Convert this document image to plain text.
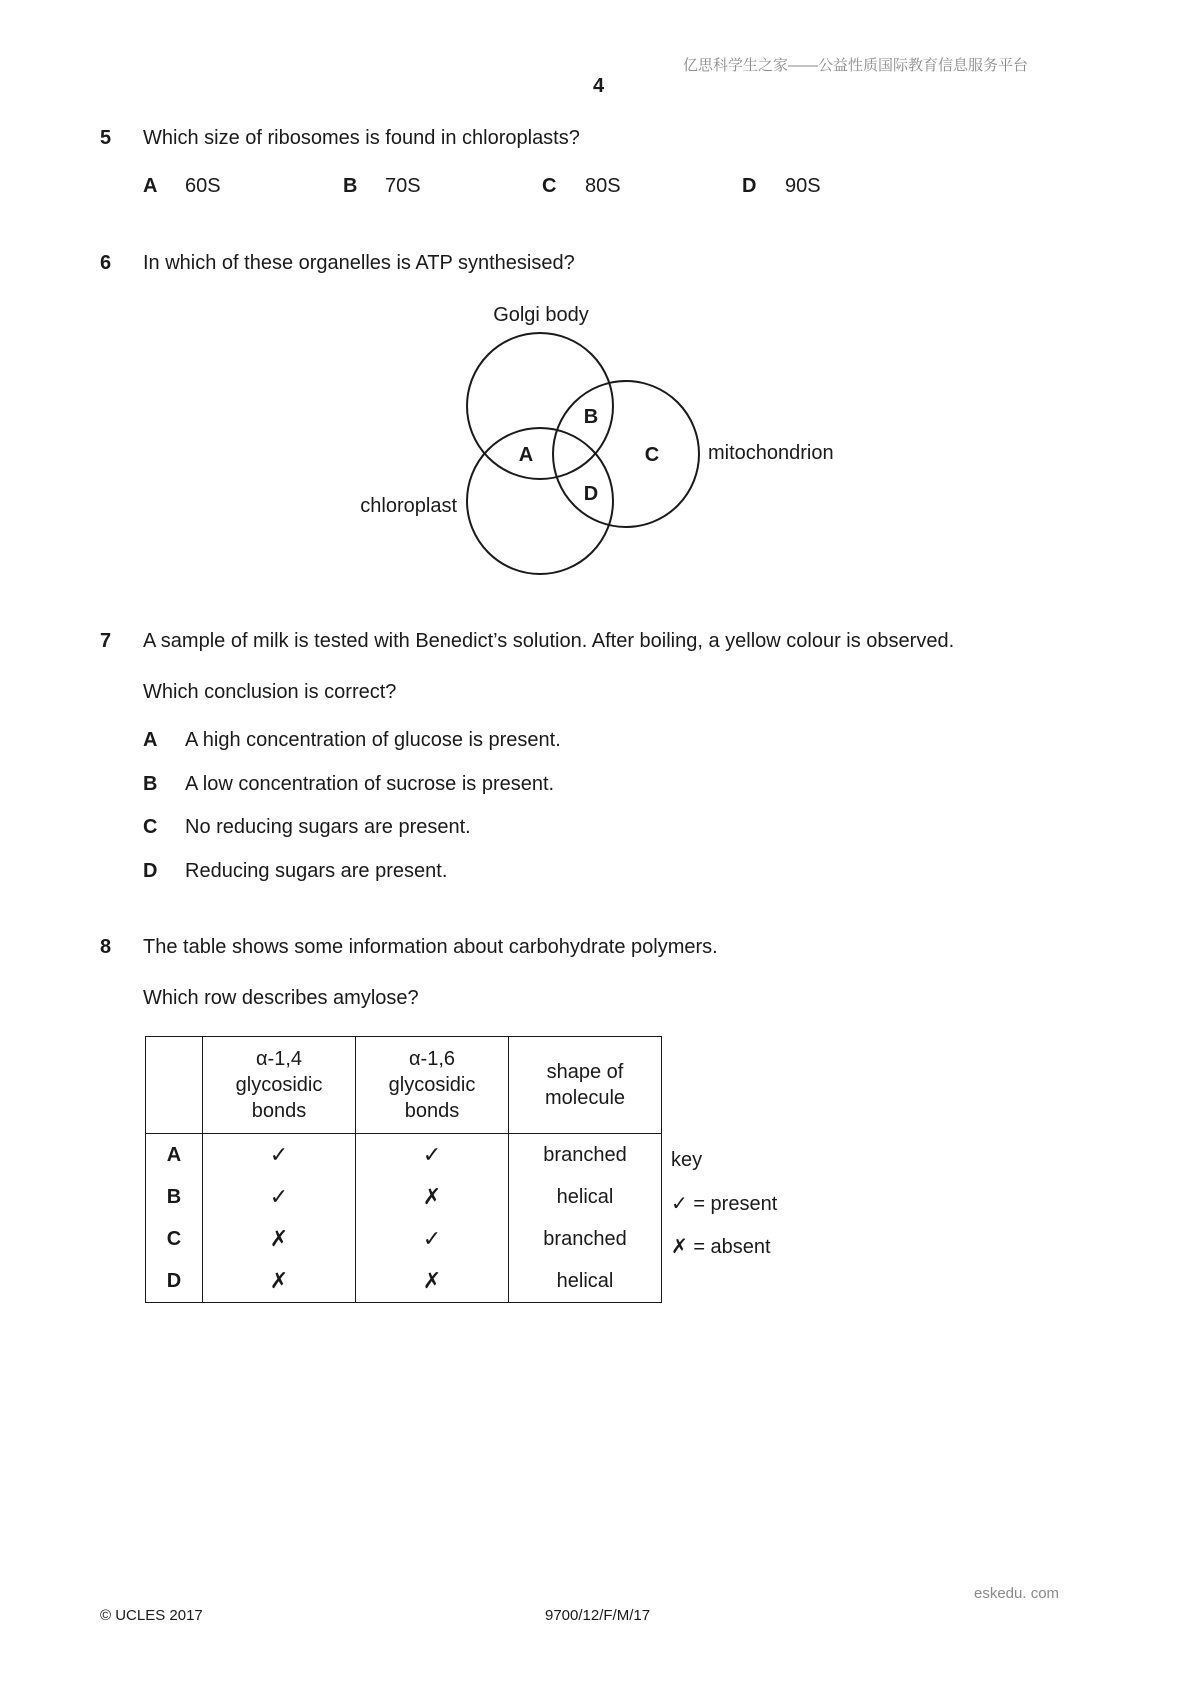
亿思科学生之家——公益性质国际教育信息服务平台
4
5 Which size of ribosomes is found in chloroplasts?
A 60S	B 70S	C 80S	D 90S
6 In which of these organelles is ATP synthesised?
Golgi body
mitochondrion
chloroplast
B
A	C
D
7 A sample of milk is tested with Benedict’s solution. After boiling, a yellow colour is observed.
Which conclusion is correct?
A A high concentration of glucose is present.
B A low concentration of sucrose is present.
C No reducing sugars are present.
D Reducing sugars are present.
8 The table shows some information about carbohydrate polymers.
Which row describes amylose?
	α-1,4
glycosidic
bonds	α-1,6
glycosidic
bonds	shape of
molecule
A	✓	✓	branched
B	✓	✗	helical
C	✗	✓	branched
D	✗	✗	helical
key
✓ = present
✗ = absent
eskedu. com
© UCLES 2017	9700/12/F/M/17
